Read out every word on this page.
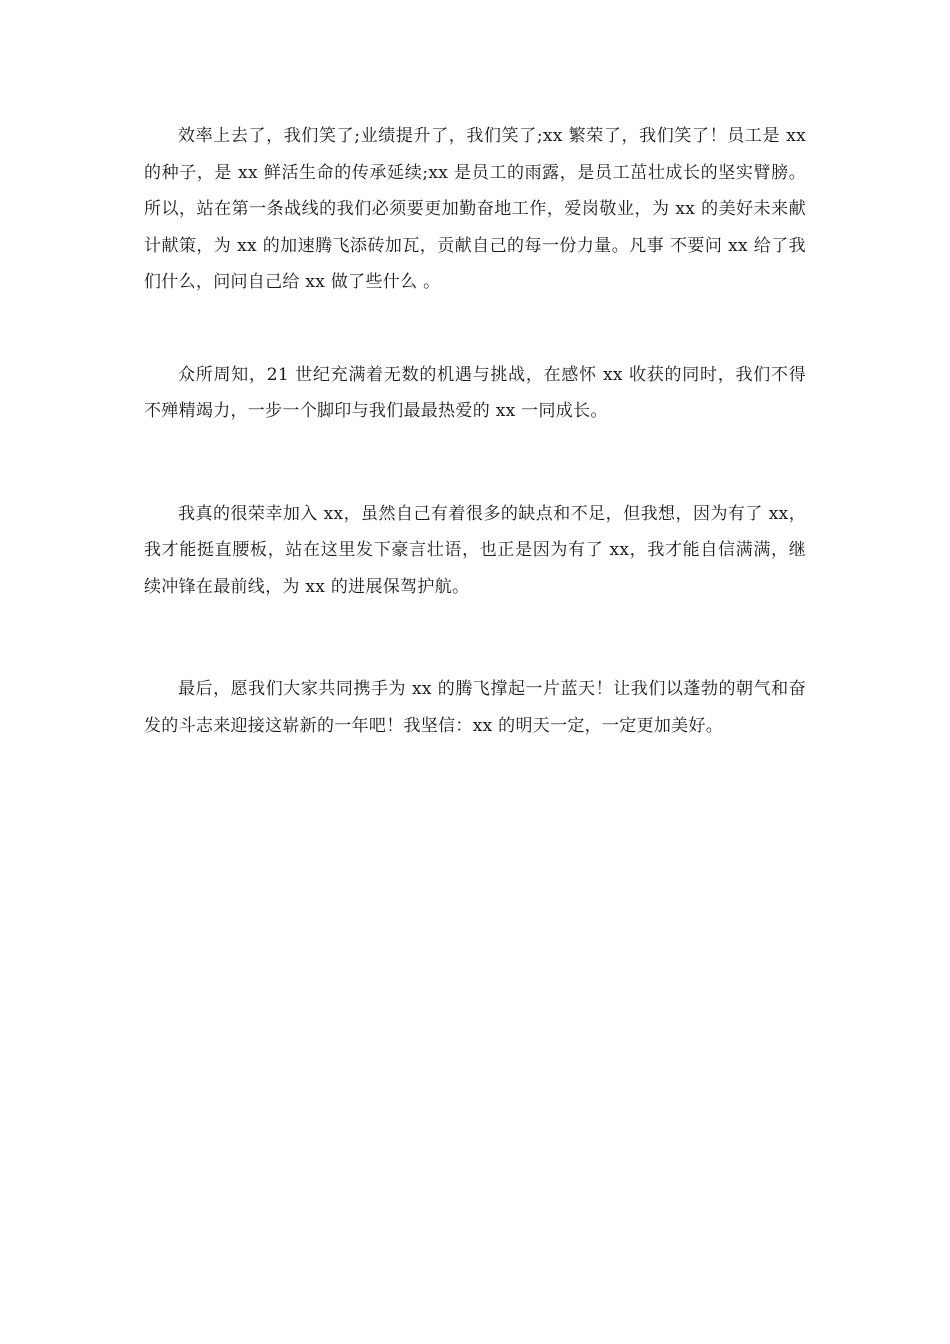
效率上去了，我们笑了;业绩提升了，我们笑了;xx 繁荣了，我们笑了！员工是 xx 的种子，是 xx 鲜活生命的传承延续;xx 是员工的雨露，是员工茁壮成长的坚实臂膀。所以，站在第一条战线的我们必须要更加勤奋地工作，爱岗敬业，为 xx 的美好未来献计献策，为 xx 的加速腾飞添砖加瓦，贡献自己的每一份力量。凡事 不要问 xx 给了我们什么，问问自己给 xx 做了些什么 。

众所周知，21 世纪充满着无数的机遇与挑战，在感怀 xx 收获的同时，我们不得不殚精竭力，一步一个脚印与我们最最热爱的 xx 一同成长。

我真的很荣幸加入 xx，虽然自己有着很多的缺点和不足，但我想，因为有了 xx，我才能挺直腰板，站在这里发下豪言壮语，也正是因为有了 xx，我才能自信满满，继续冲锋在最前线，为 xx 的进展保驾护航。

最后，愿我们大家共同携手为 xx 的腾飞撑起一片蓝天！让我们以蓬勃的朝气和奋发的斗志来迎接这崭新的一年吧！我坚信：xx 的明天一定，一定更加美好。
